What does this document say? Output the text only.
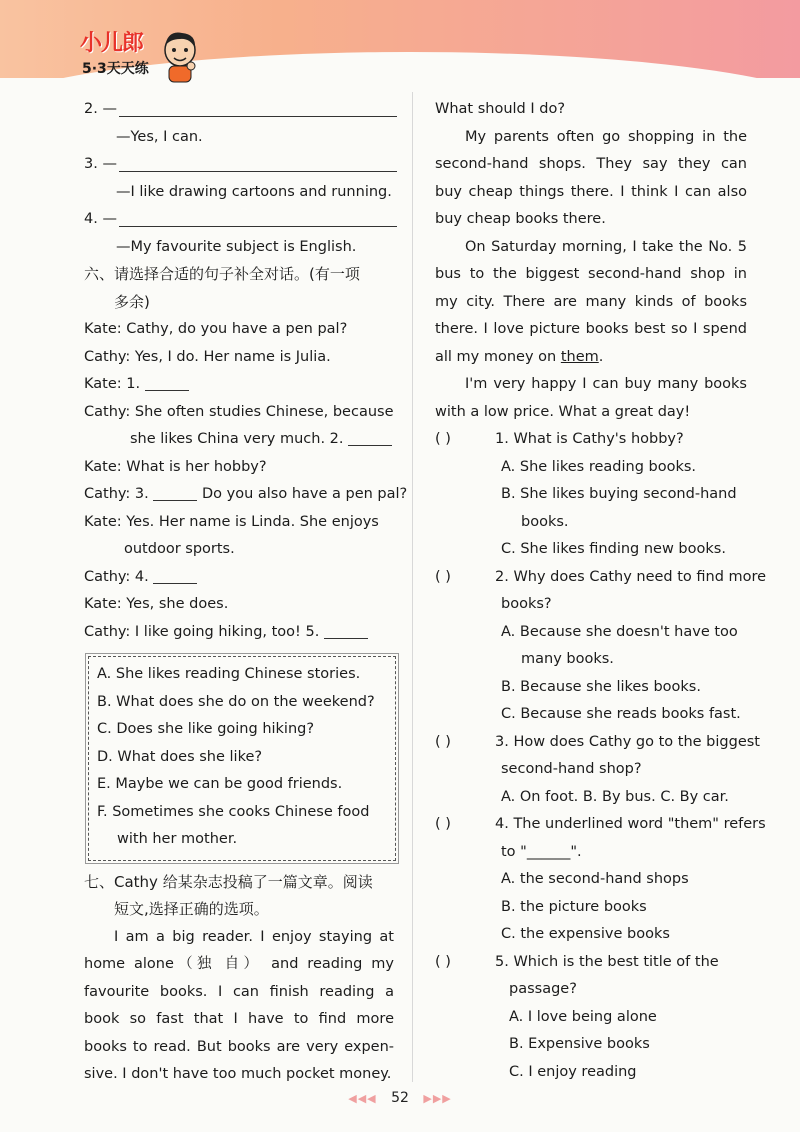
小儿郎
5·3天天练
2. —
—Yes, I can.
3. —
—I like drawing cartoons and running.
4. —
—My favourite subject is English.
六、请选择合适的句子补全对话。(有一项
多余)
Kate: Cathy, do you have a pen pal?
Cathy: Yes, I do. Her name is Julia.
Kate: 1.
Cathy: She often studies Chinese, because
she likes China very much. 2.
Kate: What is her hobby?
Cathy: 3.	Do you also have a pen pal?
Kate: Yes. Her name is Linda. She enjoys
outdoor sports.
Cathy: 4.
Kate: Yes, she does.
Cathy: I like going hiking, too! 5.
A. She likes reading Chinese stories.
B. What does she do on the weekend?
C. Does she like going hiking?
D. What does she like?
E. Maybe we can be good friends.
F. Sometimes she cooks Chinese food
with her mother.
七、Cathy 给某杂志投稿了一篇文章。阅读
短文,选择正确的选项。
I am a big reader. I enjoy staying at home alone（独 自） and reading my favourite books. I can finish reading a book so fast that I have to find more books to read. But books are very expen-sive. I don't have too much pocket money.
What should I do?
My parents often go shopping in the second-hand shops. They say they can buy cheap things there. I think I can also buy cheap books there.
On Saturday morning, I take the No. 5 bus to the biggest second-hand shop in my city. There are many kinds of books there. I love picture books best so I spend all my money on them.
I'm very happy I can buy many books with a low price. What a great day!
( )	1. What is Cathy's hobby?
A. She likes reading books.
B. She likes buying second-hand
books.
C. She likes finding new books.
( )	2. Why does Cathy need to find more
books?
A. Because she doesn't have too
many books.
B. Because she likes books.
C. Because she reads books fast.
( )	3. How does Cathy go to the biggest
second-hand shop?
A. On foot. B. By bus. C. By car.
( )	4. The underlined word "them" refers
to "______".
A. the second-hand shops
B. the picture books
C. the expensive books
( )	5. Which is the best title of the
passage?
A. I love being alone
B. Expensive books
C. I enjoy reading
◀◀◀ 52 ▶▶▶
